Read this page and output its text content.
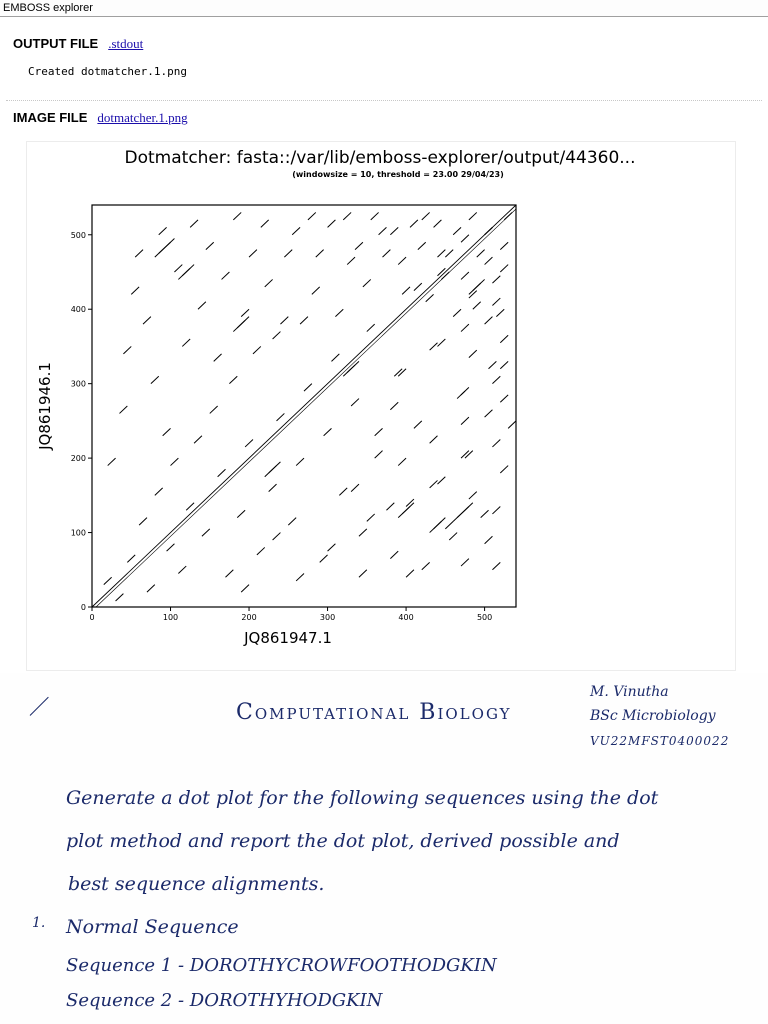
EMBOSS explorer
OUTPUT FILE .stdout
Created dotmatcher.1.png
IMAGE FILE dotmatcher.1.png
Dotmatcher: fasta::/var/lib/emboss-explorer/output/44360...
(windowsize = 10, threshold = 23.00 29/04/23)
0	100	200	300	400	500
0
100
200
300
400
500
JQ861947.1
JQ861946.1
M. Vinutha
BSc Microbiology
VU22MFST0400022
Computational Biology
Generate a dot plot for the following sequences using the dot
plot method and report the dot plot, derived possible and
best sequence alignments.
1. Normal Sequence
Sequence 1 - DOROTHYCROWFOOTHODGKIN
Sequence 2 - DOROTHYHODGKIN
